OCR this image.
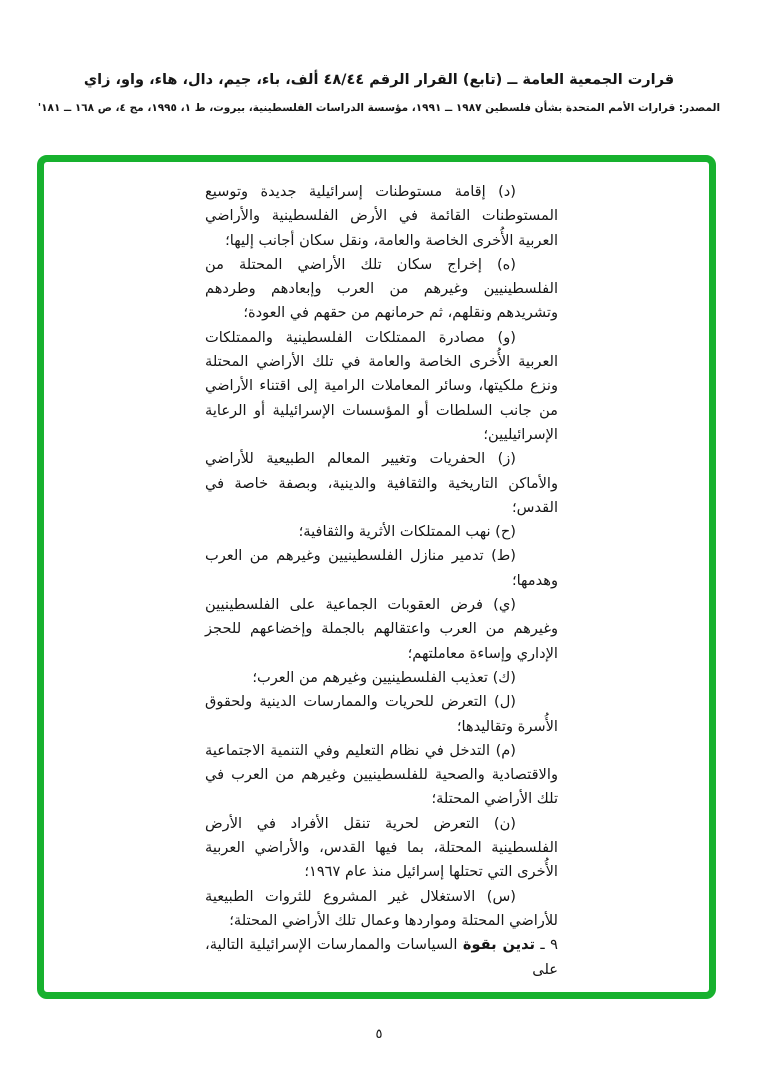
قرارت الجمعية العامة ــ (تابع) القرار الرقم ٤٨/٤٤ ألف، باء، جيم، دال، هاء، واو، زاي
المصدر: قرارات الأمم المتحدة بشأن فلسطين ١٩٨٧ ــ ١٩٩١، مؤسسة الدراسات الفلسطينية، بيروت، ط ١، ١٩٩٥، مج ٤، ص ١٦٨ ــ ١٨١'

(د) إقامة مستوطنات إسرائيلية جديدة وتوسيع المستوطنات القائمة في الأرض الفلسطينية والأراضي العربية الأُخرى الخاصة والعامة، ونقل سكان أجانب إليها؛

(ه) إخراج سكان تلك الأراضي المحتلة من الفلسطينيين وغيرهم من العرب وإبعادهم وطردهم وتشريدهم ونقلهم، ثم حرمانهم من حقهم في العودة؛

(و) مصادرة الممتلكات الفلسطينية والممتلكات العربية الأُخرى الخاصة والعامة في تلك الأراضي المحتلة ونزع ملكيتها، وسائر المعاملات الرامية إلى اقتناء الأراضي من جانب السلطات أو المؤسسات الإسرائيلية أو الرعاية الإسرائيليين؛

(ز) الحفريات وتغيير المعالم الطبيعية للأراضي والأماكن التاريخية والثقافية والدينية، وبصفة خاصة في القدس؛

(ح) نهب الممتلكات الأثرية والثقافية؛

(ط) تدمير منازل الفلسطينيين وغيرهم من العرب وهدمها؛

(ي) فرض العقوبات الجماعية على الفلسطينيين وغيرهم من العرب واعتقالهم بالجملة وإخضاعهم للحجز الإداري وإساءة معاملتهم؛

(ك) تعذيب الفلسطينيين وغيرهم من العرب؛

(ل) التعرض للحريات والممارسات الدينية ولحقوق الأُسرة وتقاليدها؛

(م) التدخل في نظام التعليم وفي التنمية الاجتماعية والاقتصادية والصحية للفلسطينيين وغيرهم من العرب في تلك الأراضي المحتلة؛

(ن) التعرض لحرية تنقل الأفراد في الأرض الفلسطينية المحتلة، بما فيها القدس، والأراضي العربية الأُخرى التي تحتلها إسرائيل منذ عام ١٩٦٧؛

(س) الاستغلال غير المشروع للثروات الطبيعية للأراضي المحتلة ومواردها وعمال تلك الأراضي المحتلة؛

٩ ـ تدين بقوة السياسات والممارسات الإسرائيلية التالية، على

٥
